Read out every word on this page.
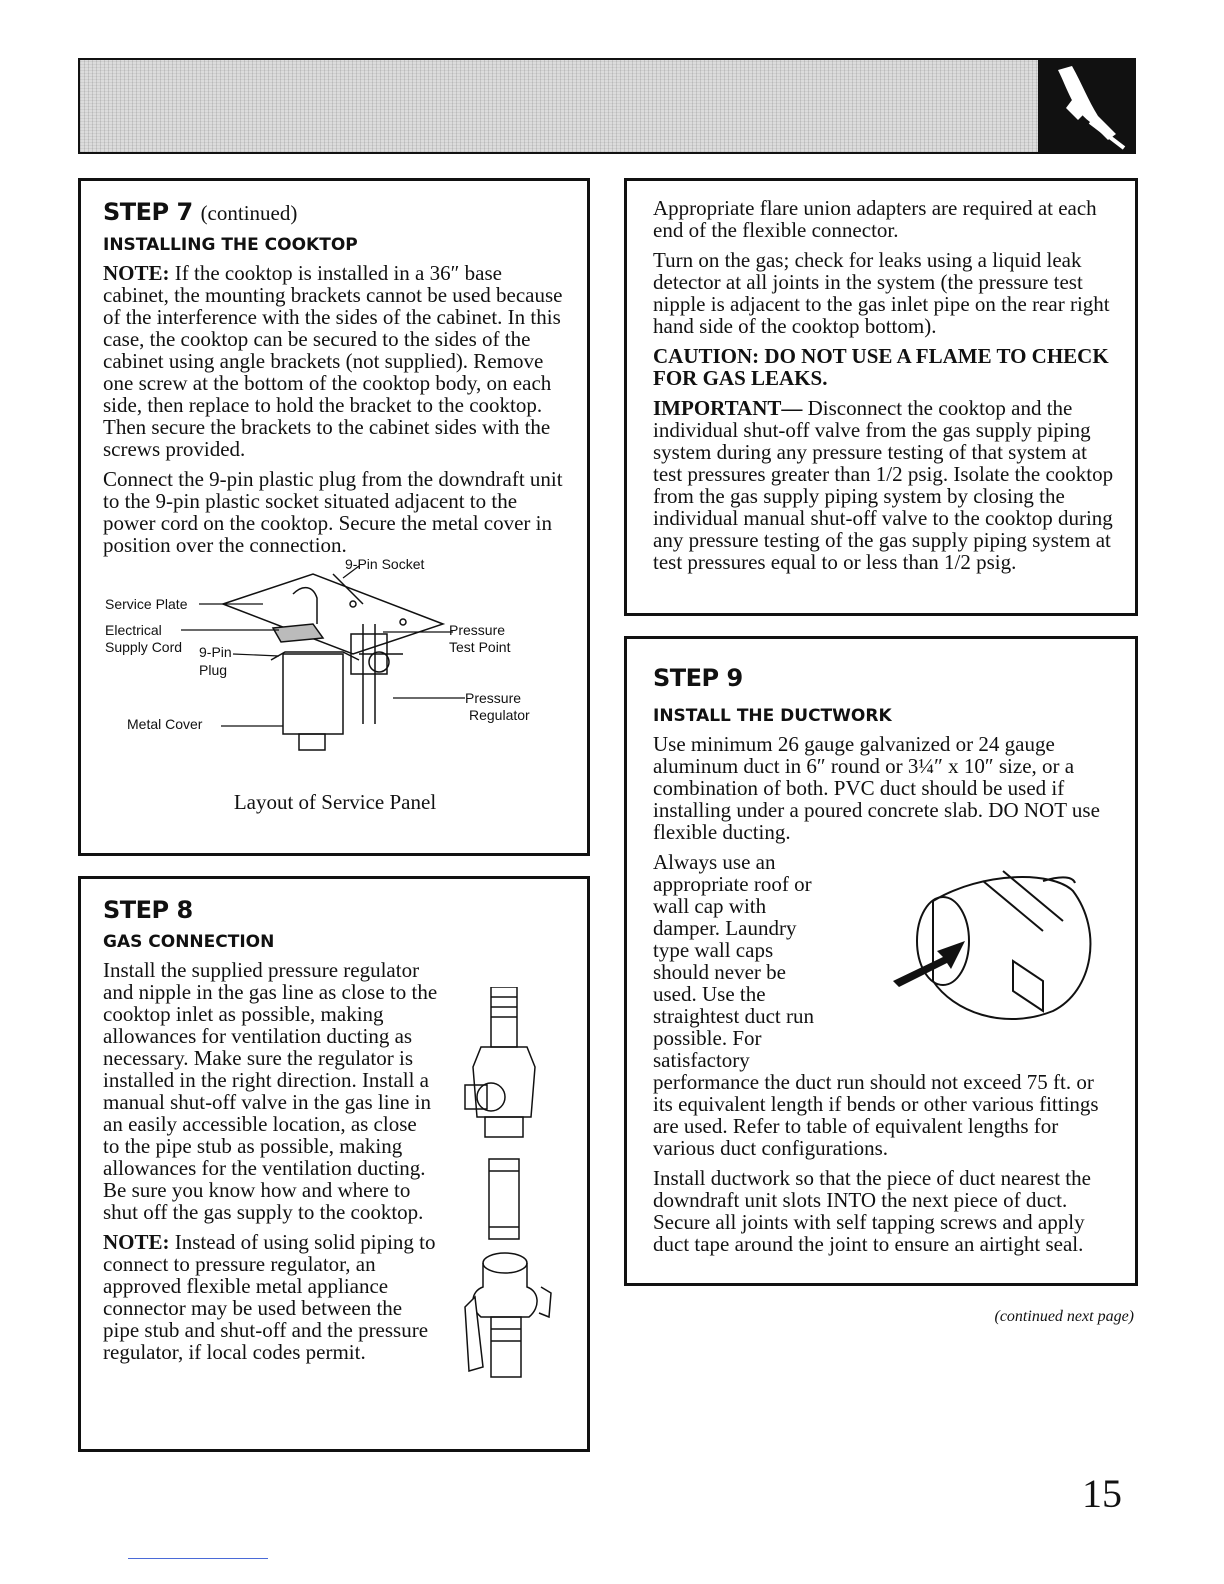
STEP 7 (continued)
INSTALLING THE COOKTOP

NOTE: If the cooktop is installed in a 36″ base cabinet, the mounting brackets cannot be used because of the interference with the sides of the cabinet. In this case, the cooktop can be secured to the sides of the cabinet using angle brackets (not supplied). Remove one screw at the bottom of the cooktop body, on each side, then replace to hold the bracket to the cooktop. Then secure the brackets to the cabinet sides with the screws provided.

Connect the 9-pin plastic plug from the downdraft unit to the 9-pin plastic socket situated adjacent to the power cord on the cooktop. Secure the metal cover in position over the connection.

9-Pin Socket
Service Plate
Electrical
Supply Cord 9-Pin
Plug
Metal Cover
Pressure
Test Point
Pressure
Regulator
Layout of Service Panel
STEP 8
GAS CONNECTION

Install the supplied pressure regulator and nipple in the gas line as close to the cooktop inlet as possible, making allowances for ventilation ducting as necessary. Make sure the regulator is installed in the right direction. Install a manual shut-off valve in the gas line in an easily accessible location, as close to the pipe stub as possible, making allowances for the ventilation ducting. Be sure you know how and where to shut off the gas supply to the cooktop.

NOTE: Instead of using solid piping to connect to pressure regulator, an approved flexible metal appliance connector may be used between the pipe stub and shut-off and the pressure regulator, if local codes permit.

Appropriate flare union adapters are required at each end of the flexible connector.

Turn on the gas; check for leaks using a liquid leak detector at all joints in the system (the pressure test nipple is adjacent to the gas inlet pipe on the rear right hand side of the cooktop bottom).

CAUTION: DO NOT USE A FLAME TO CHECK FOR GAS LEAKS.

IMPORTANT— Disconnect the cooktop and the individual shut-off valve from the gas supply piping system during any pressure testing of that system at test pressures greater than 1/2 psig. Isolate the cooktop from the gas supply piping system by closing the individual manual shut-off valve to the cooktop during any pressure testing of the gas supply piping system at test pressures equal to or less than 1/2 psig.

STEP 9
INSTALL THE DUCTWORK

Use minimum 26 gauge galvanized or 24 gauge aluminum duct in 6″ round or 3¼″ x 10″ size, or a combination of both. PVC duct should be used if installing under a poured concrete slab. DO NOT use flexible ducting.

Always use an appropriate roof or wall cap with damper. Laundry type wall caps should never be used. Use the straightest duct run possible. For satisfactory

performance the duct run should not exceed 75 ft. or its equivalent length if bends or other various fittings are used. Refer to table of equivalent lengths for various duct configurations.

Install ductwork so that the piece of duct nearest the downdraft unit slots INTO the next piece of duct. Secure all joints with self tapping screws and apply duct tape around the joint to ensure an airtight seal.

(continued next page)
15
